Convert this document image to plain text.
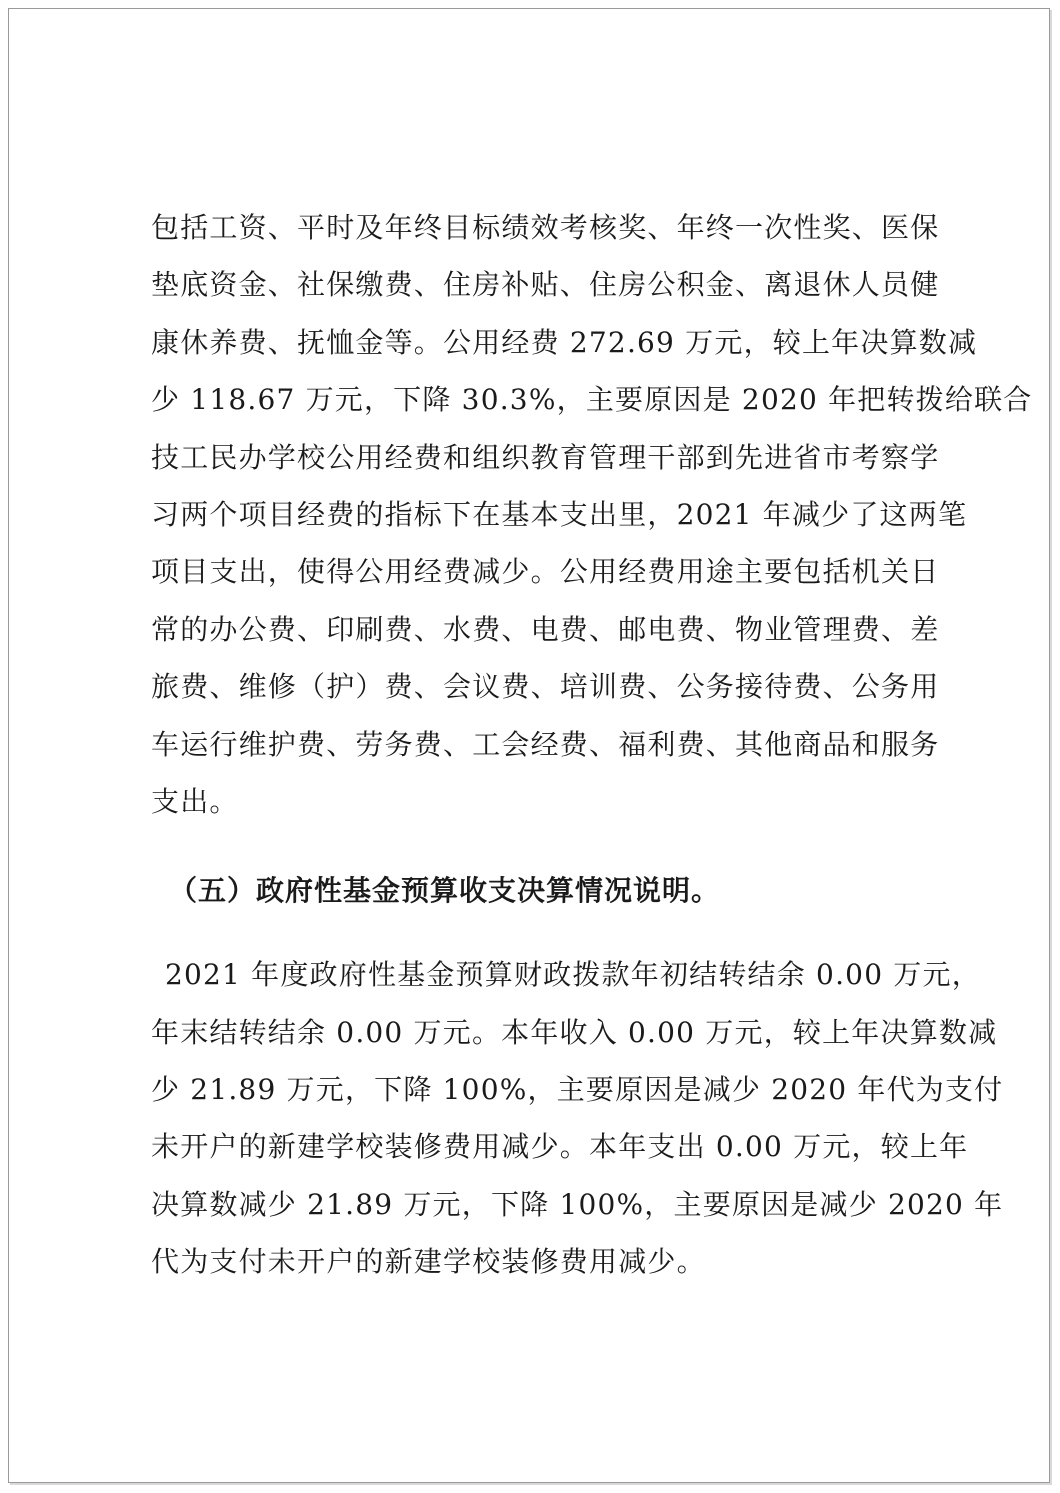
包括工资、平时及年终目标绩效考核奖、年终一次性奖、医保
垫底资金、社保缴费、住房补贴、住房公积金、离退休人员健
康休养费、抚恤金等。公用经费 272.69 万元，较上年决算数减
少 118.67 万元，下降 30.3%，主要原因是 2020 年把转拨给联合
技工民办学校公用经费和组织教育管理干部到先进省市考察学
习两个项目经费的指标下在基本支出里，2021 年减少了这两笔
项目支出，使得公用经费减少。公用经费用途主要包括机关日
常的办公费、印刷费、水费、电费、邮电费、物业管理费、差
旅费、维修（护）费、会议费、培训费、公务接待费、公务用
车运行维护费、劳务费、工会经费、福利费、其他商品和服务
支出。
（五）政府性基金预算收支决算情况说明。
2021 年度政府性基金预算财政拨款年初结转结余 0.00 万元，
年末结转结余 0.00 万元。本年收入 0.00 万元，较上年决算数减
少 21.89 万元，下降 100%，主要原因是减少 2020 年代为支付
未开户的新建学校装修费用减少。本年支出 0.00 万元，较上年
决算数减少 21.89 万元，下降 100%，主要原因是减少 2020 年
代为支付未开户的新建学校装修费用减少。
